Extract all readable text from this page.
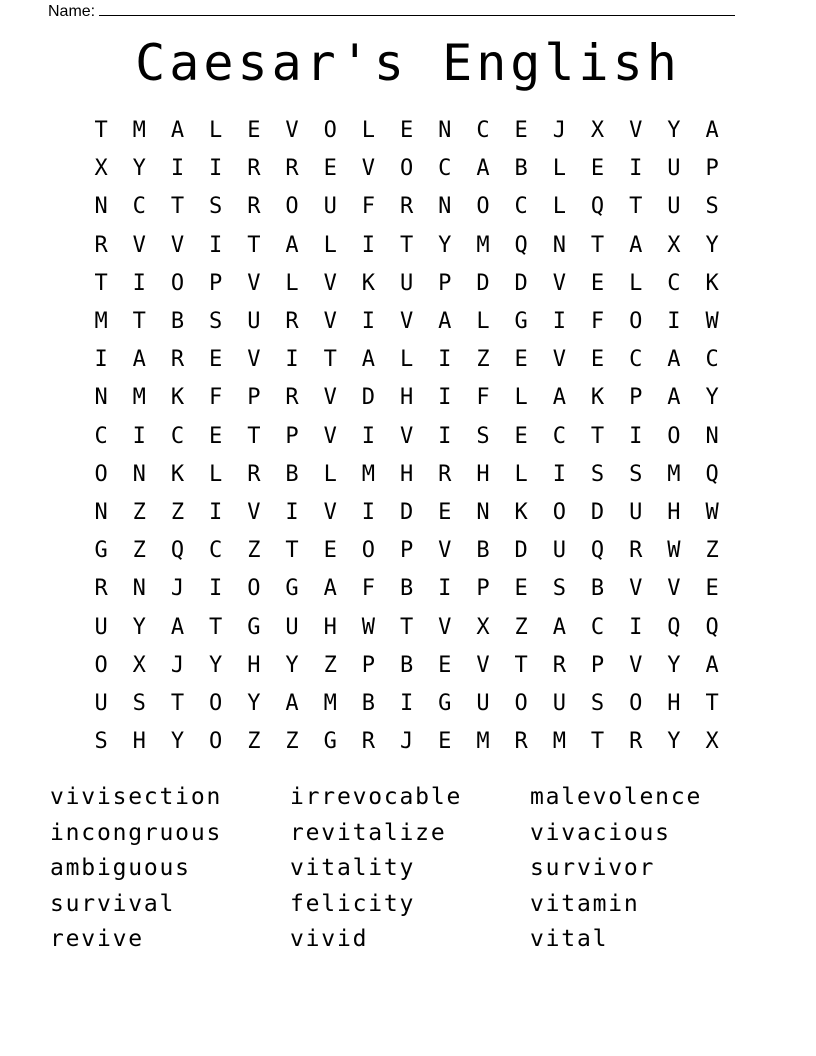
Name:
Caesar's English
T	M	A	L	E	V	O	L	E	N	C	E	J	X	V	Y	A
X	Y	I	I	R	R	E	V	O	C	A	B	L	E	I	U	P
N	C	T	S	R	O	U	F	R	N	O	C	L	Q	T	U	S
R	V	V	I	T	A	L	I	T	Y	M	Q	N	T	A	X	Y
T	I	O	P	V	L	V	K	U	P	D	D	V	E	L	C	K
M	T	B	S	U	R	V	I	V	A	L	G	I	F	O	I	W
I	A	R	E	V	I	T	A	L	I	Z	E	V	E	C	A	C
N	M	K	F	P	R	V	D	H	I	F	L	A	K	P	A	Y
C	I	C	E	T	P	V	I	V	I	S	E	C	T	I	O	N
O	N	K	L	R	B	L	M	H	R	H	L	I	S	S	M	Q
N	Z	Z	I	V	I	V	I	D	E	N	K	O	D	U	H	W
G	Z	Q	C	Z	T	E	O	P	V	B	D	U	Q	R	W	Z
R	N	J	I	O	G	A	F	B	I	P	E	S	B	V	V	E
U	Y	A	T	G	U	H	W	T	V	X	Z	A	C	I	Q	Q
O	X	J	Y	H	Y	Z	P	B	E	V	T	R	P	V	Y	A
U	S	T	O	Y	A	M	B	I	G	U	O	U	S	O	H	T
S	H	Y	O	Z	Z	G	R	J	E	M	R	M	T	R	Y	X
vivisection	irrevocable	malevolence
incongruous	revitalize	vivacious
ambiguous	vitality	survivor
survival	felicity	vitamin
revive	vivid	vital
